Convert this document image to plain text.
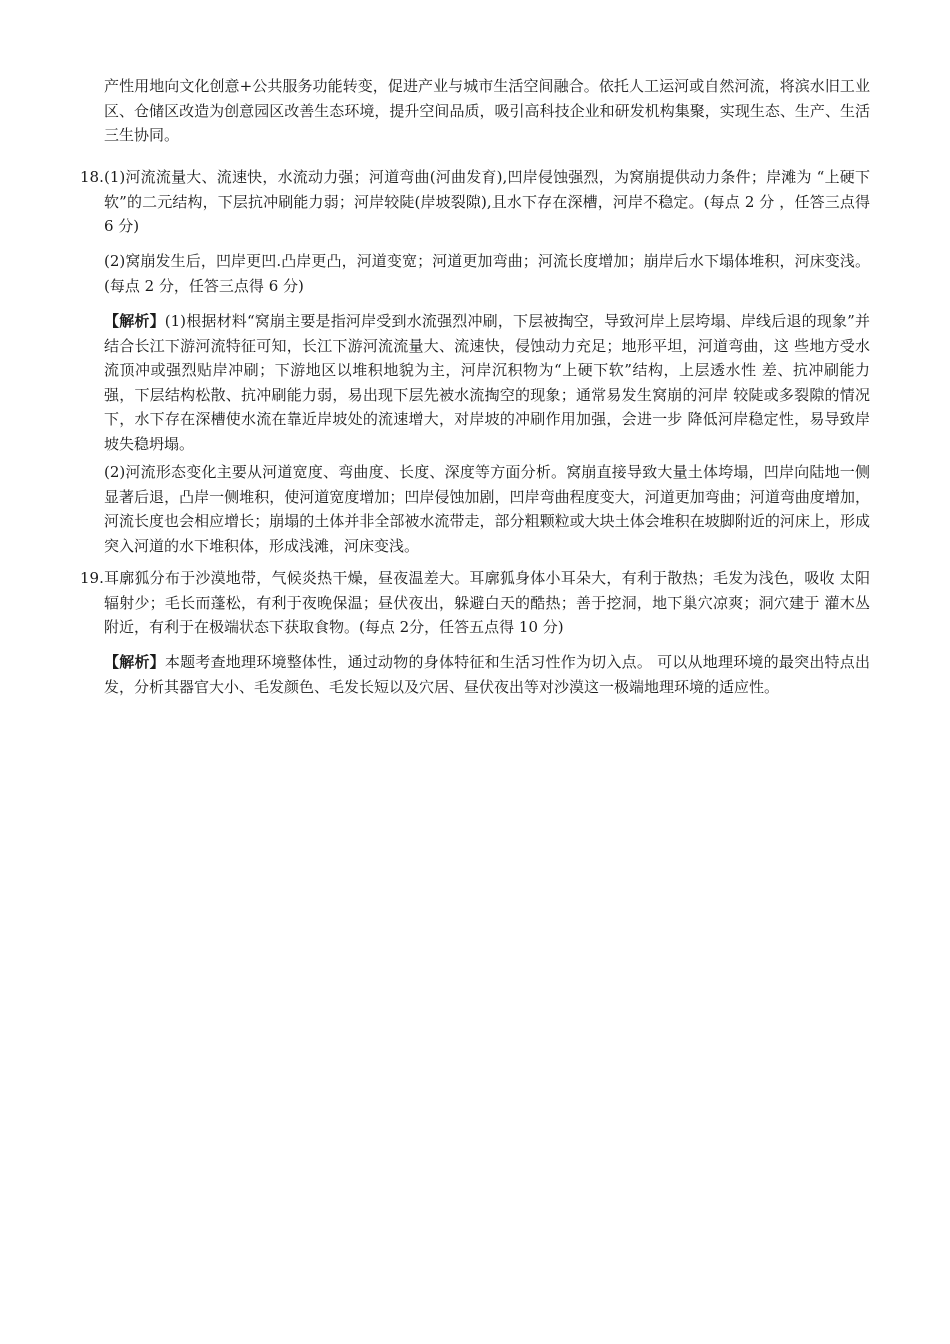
产性用地向文化创意+公共服务功能转变，促进产业与城市生活空间融合。依托人工运河或自然河流，将滨水旧工业区、仓储区改造为创意园区改善生态环境，提升空间品质，吸引高科技企业和研发机构集聚，实现生态、生产、生活三生协同。

18. (1)河流流量大、流速快，水流动力强；河道弯曲(河曲发育),凹岸侵蚀强烈，为窝崩提供动力条件；岸滩为 “上硬下软”的二元结构，下层抗冲刷能力弱；河岸较陡(岸坡裂隙),且水下存在深槽，河岸不稳定。(每点 2 分 ，任答三点得 6 分)

(2)窝崩发生后，凹岸更凹.凸岸更凸，河道变宽；河道更加弯曲；河流长度增加；崩岸后水下塌体堆积，河床变浅。(每点 2 分，任答三点得 6 分)

【解析】(1)根据材料“窝崩主要是指河岸受到水流强烈冲刷，下层被掏空，导致河岸上层垮塌、岸线后退的现象”并结合长江下游河流特征可知，长江下游河流流量大、流速快，侵蚀动力充足；地形平坦，河道弯曲，这 些地方受水流顶冲或强烈贴岸冲刷；下游地区以堆积地貌为主，河岸沉积物为“上硬下软”结构，上层透水性 差、抗冲刷能力强，下层结构松散、抗冲刷能力弱，易出现下层先被水流掏空的现象；通常易发生窝崩的河岸 较陡或多裂隙的情况下，水下存在深槽使水流在靠近岸坡处的流速增大，对岸坡的冲刷作用加强，会进一步 降低河岸稳定性，易导致岸坡失稳坍塌。

(2)河流形态变化主要从河道宽度、弯曲度、长度、深度等方面分析。窝崩直接导致大量土体垮塌，凹岸向陆地一侧显著后退，凸岸一侧堆积，使河道宽度增加；凹岸侵蚀加剧，凹岸弯曲程度变大，河道更加弯曲；河道弯曲度增加，河流长度也会相应增长；崩塌的土体并非全部被水流带走，部分粗颗粒或大块土体会堆积在坡脚附近的河床上，形成突入河道的水下堆积体，形成浅滩，河床变浅。

19. 耳廓狐分布于沙漠地带，气候炎热干燥，昼夜温差大。耳廓狐身体小耳朵大，有利于散热；毛发为浅色，吸收 太阳辐射少；毛长而蓬松，有利于夜晚保温；昼伏夜出，躲避白天的酷热；善于挖洞，地下巢穴凉爽；洞穴建于 灌木丛附近，有利于在极端状态下获取食物。(每点 2分，任答五点得 10 分)

【解析】本题考查地理环境整体性，通过动物的身体特征和生活习性作为切入点。 可以从地理环境的最突出特点出发，分析其器官大小、毛发颜色、毛发长短以及穴居、昼伏夜出等对沙漠这一极端地理环境的适应性。
